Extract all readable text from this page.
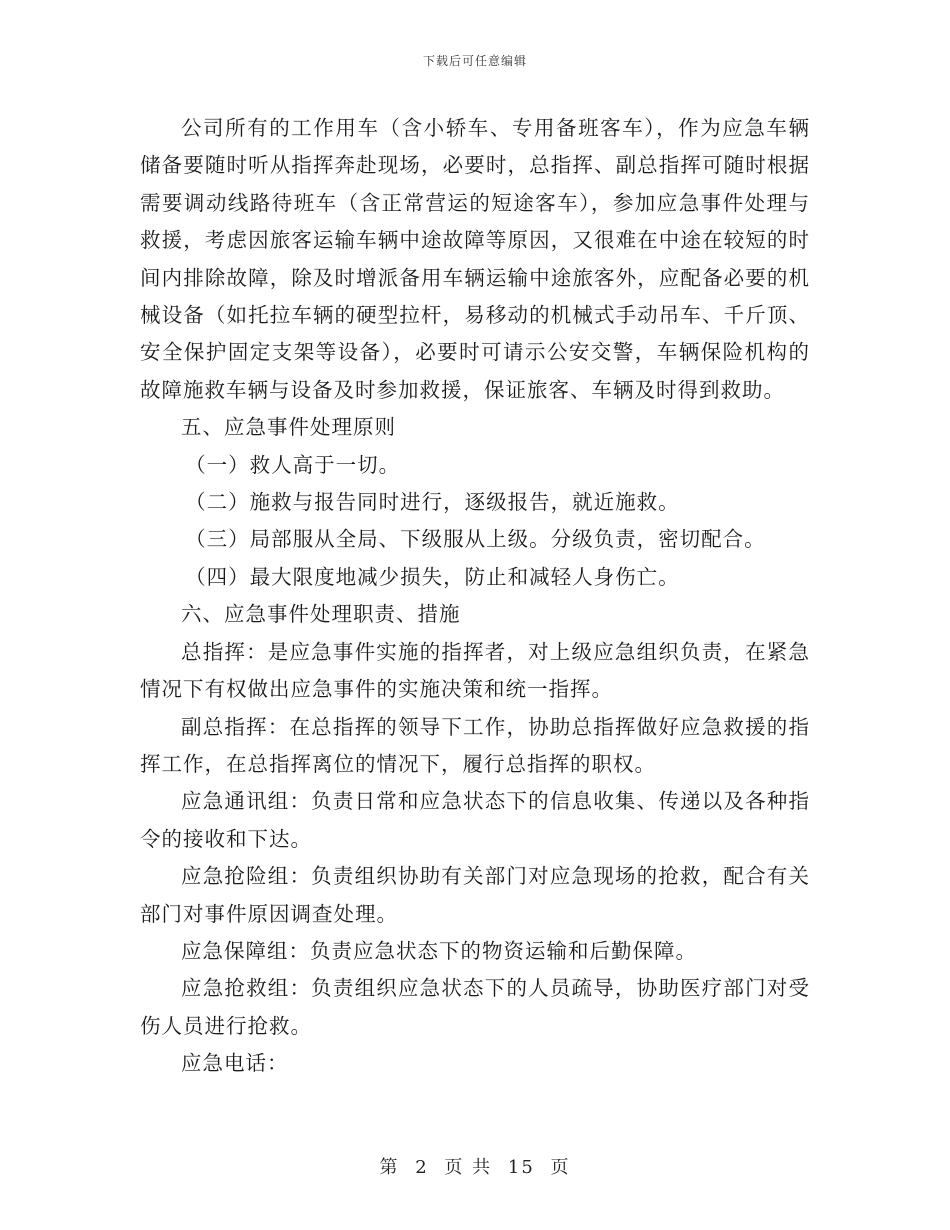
下载后可任意编辑

公司所有的工作用车（含小轿车、专用备班客车），作为应急车辆储备要随时听从指挥奔赴现场，必要时，总指挥、副总指挥可随时根据需要调动线路待班车（含正常营运的短途客车），参加应急事件处理与救援，考虑因旅客运输车辆中途故障等原因，又很难在中途在较短的时间内排除故障，除及时增派备用车辆运输中途旅客外，应配备必要的机械设备（如托拉车辆的硬型拉杆，易移动的机械式手动吊车、千斤顶、安全保护固定支架等设备），必要时可请示公安交警，车辆保险机构的故障施救车辆与设备及时参加救援，保证旅客、车辆及时得到救助。

五、应急事件处理原则

（一）救人高于一切。

（二）施救与报告同时进行，逐级报告，就近施救。

（三）局部服从全局、下级服从上级。分级负责，密切配合。

（四）最大限度地减少损失，防止和减轻人身伤亡。

六、应急事件处理职责、措施

总指挥：是应急事件实施的指挥者，对上级应急组织负责，在紧急情况下有权做出应急事件的实施决策和统一指挥。

副总指挥：在总指挥的领导下工作，协助总指挥做好应急救援的指挥工作，在总指挥离位的情况下，履行总指挥的职权。

应急通讯组：负责日常和应急状态下的信息收集、传递以及各种指令的接收和下达。

应急抢险组：负责组织协助有关部门对应急现场的抢救，配合有关部门对事件原因调查处理。

应急保障组：负责应急状态下的物资运输和后勤保障。

应急抢救组：负责组织应急状态下的人员疏导，协助医疗部门对受伤人员进行抢救。

应急电话：

第 2 页 共 15 页
